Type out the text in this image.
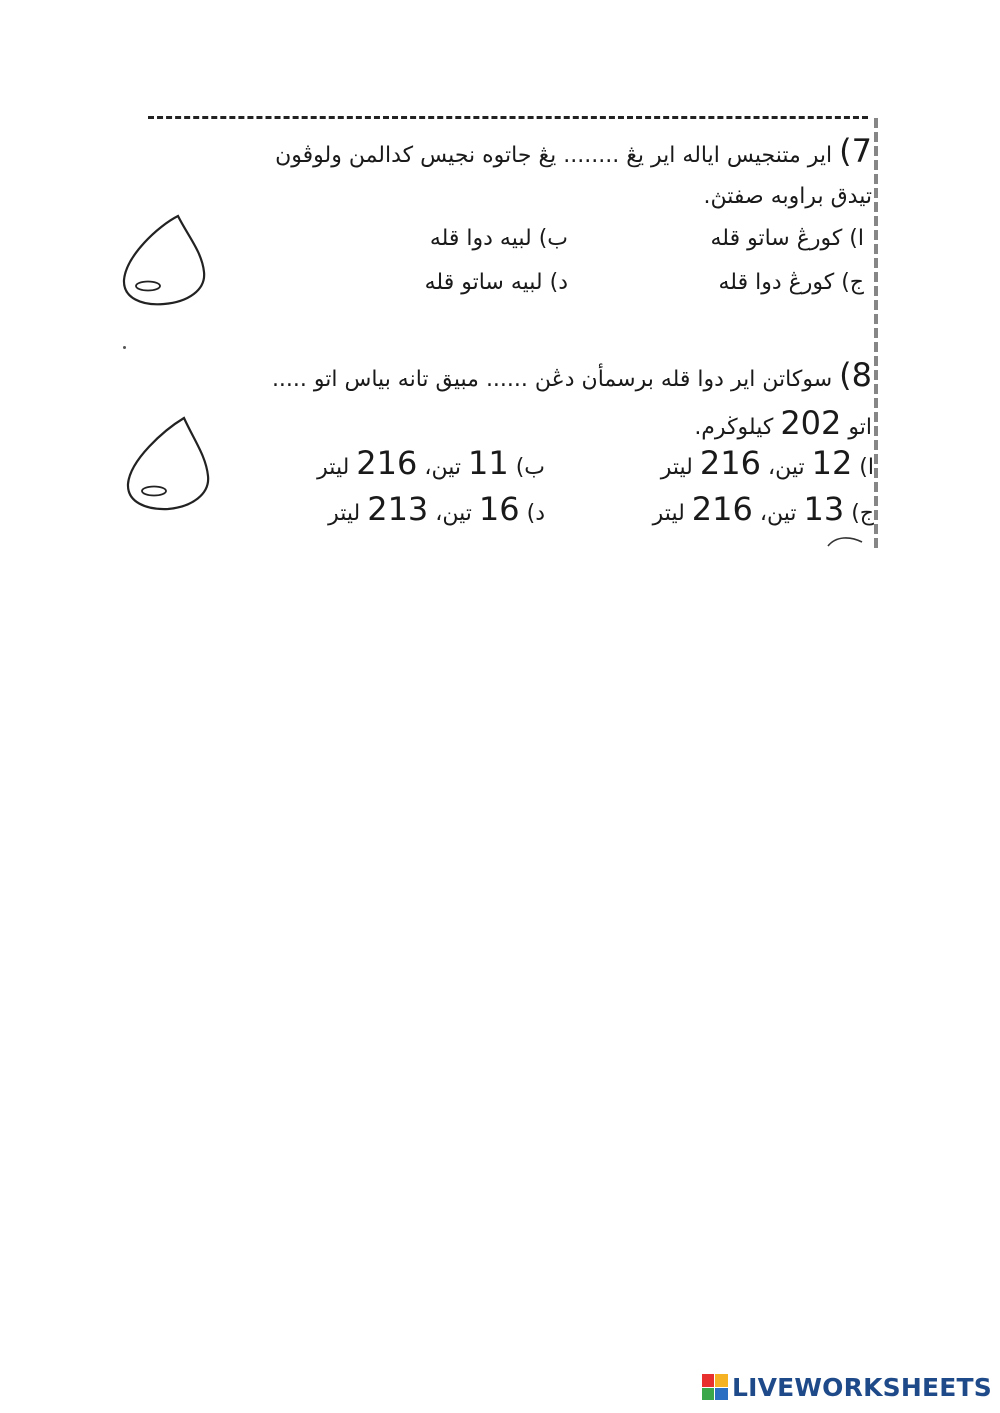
7) اير متنجيس اياله اير يڠ ........ يڠ جاتوه نجيس كدالمن ولوڤون
تيدق براوبه صفتڽ.
ا) كورڠ ساتو قله
ب) لبيه دوا قله
ج) كورڠ دوا قله
د) لبيه ساتو قله
8) سوكاتن اير دوا قله برسمأن دڠن ...... مبيق تانه بياس اتو .....
اتو 202 كيلوڬرم.
ا) 12 تين، 216 ليتر
ب) 11 تين، 216 ليتر
ج) 13 تين، 216 ليتر
د) 16 تين، 213 ليتر
LIVEWORKSHEETS
